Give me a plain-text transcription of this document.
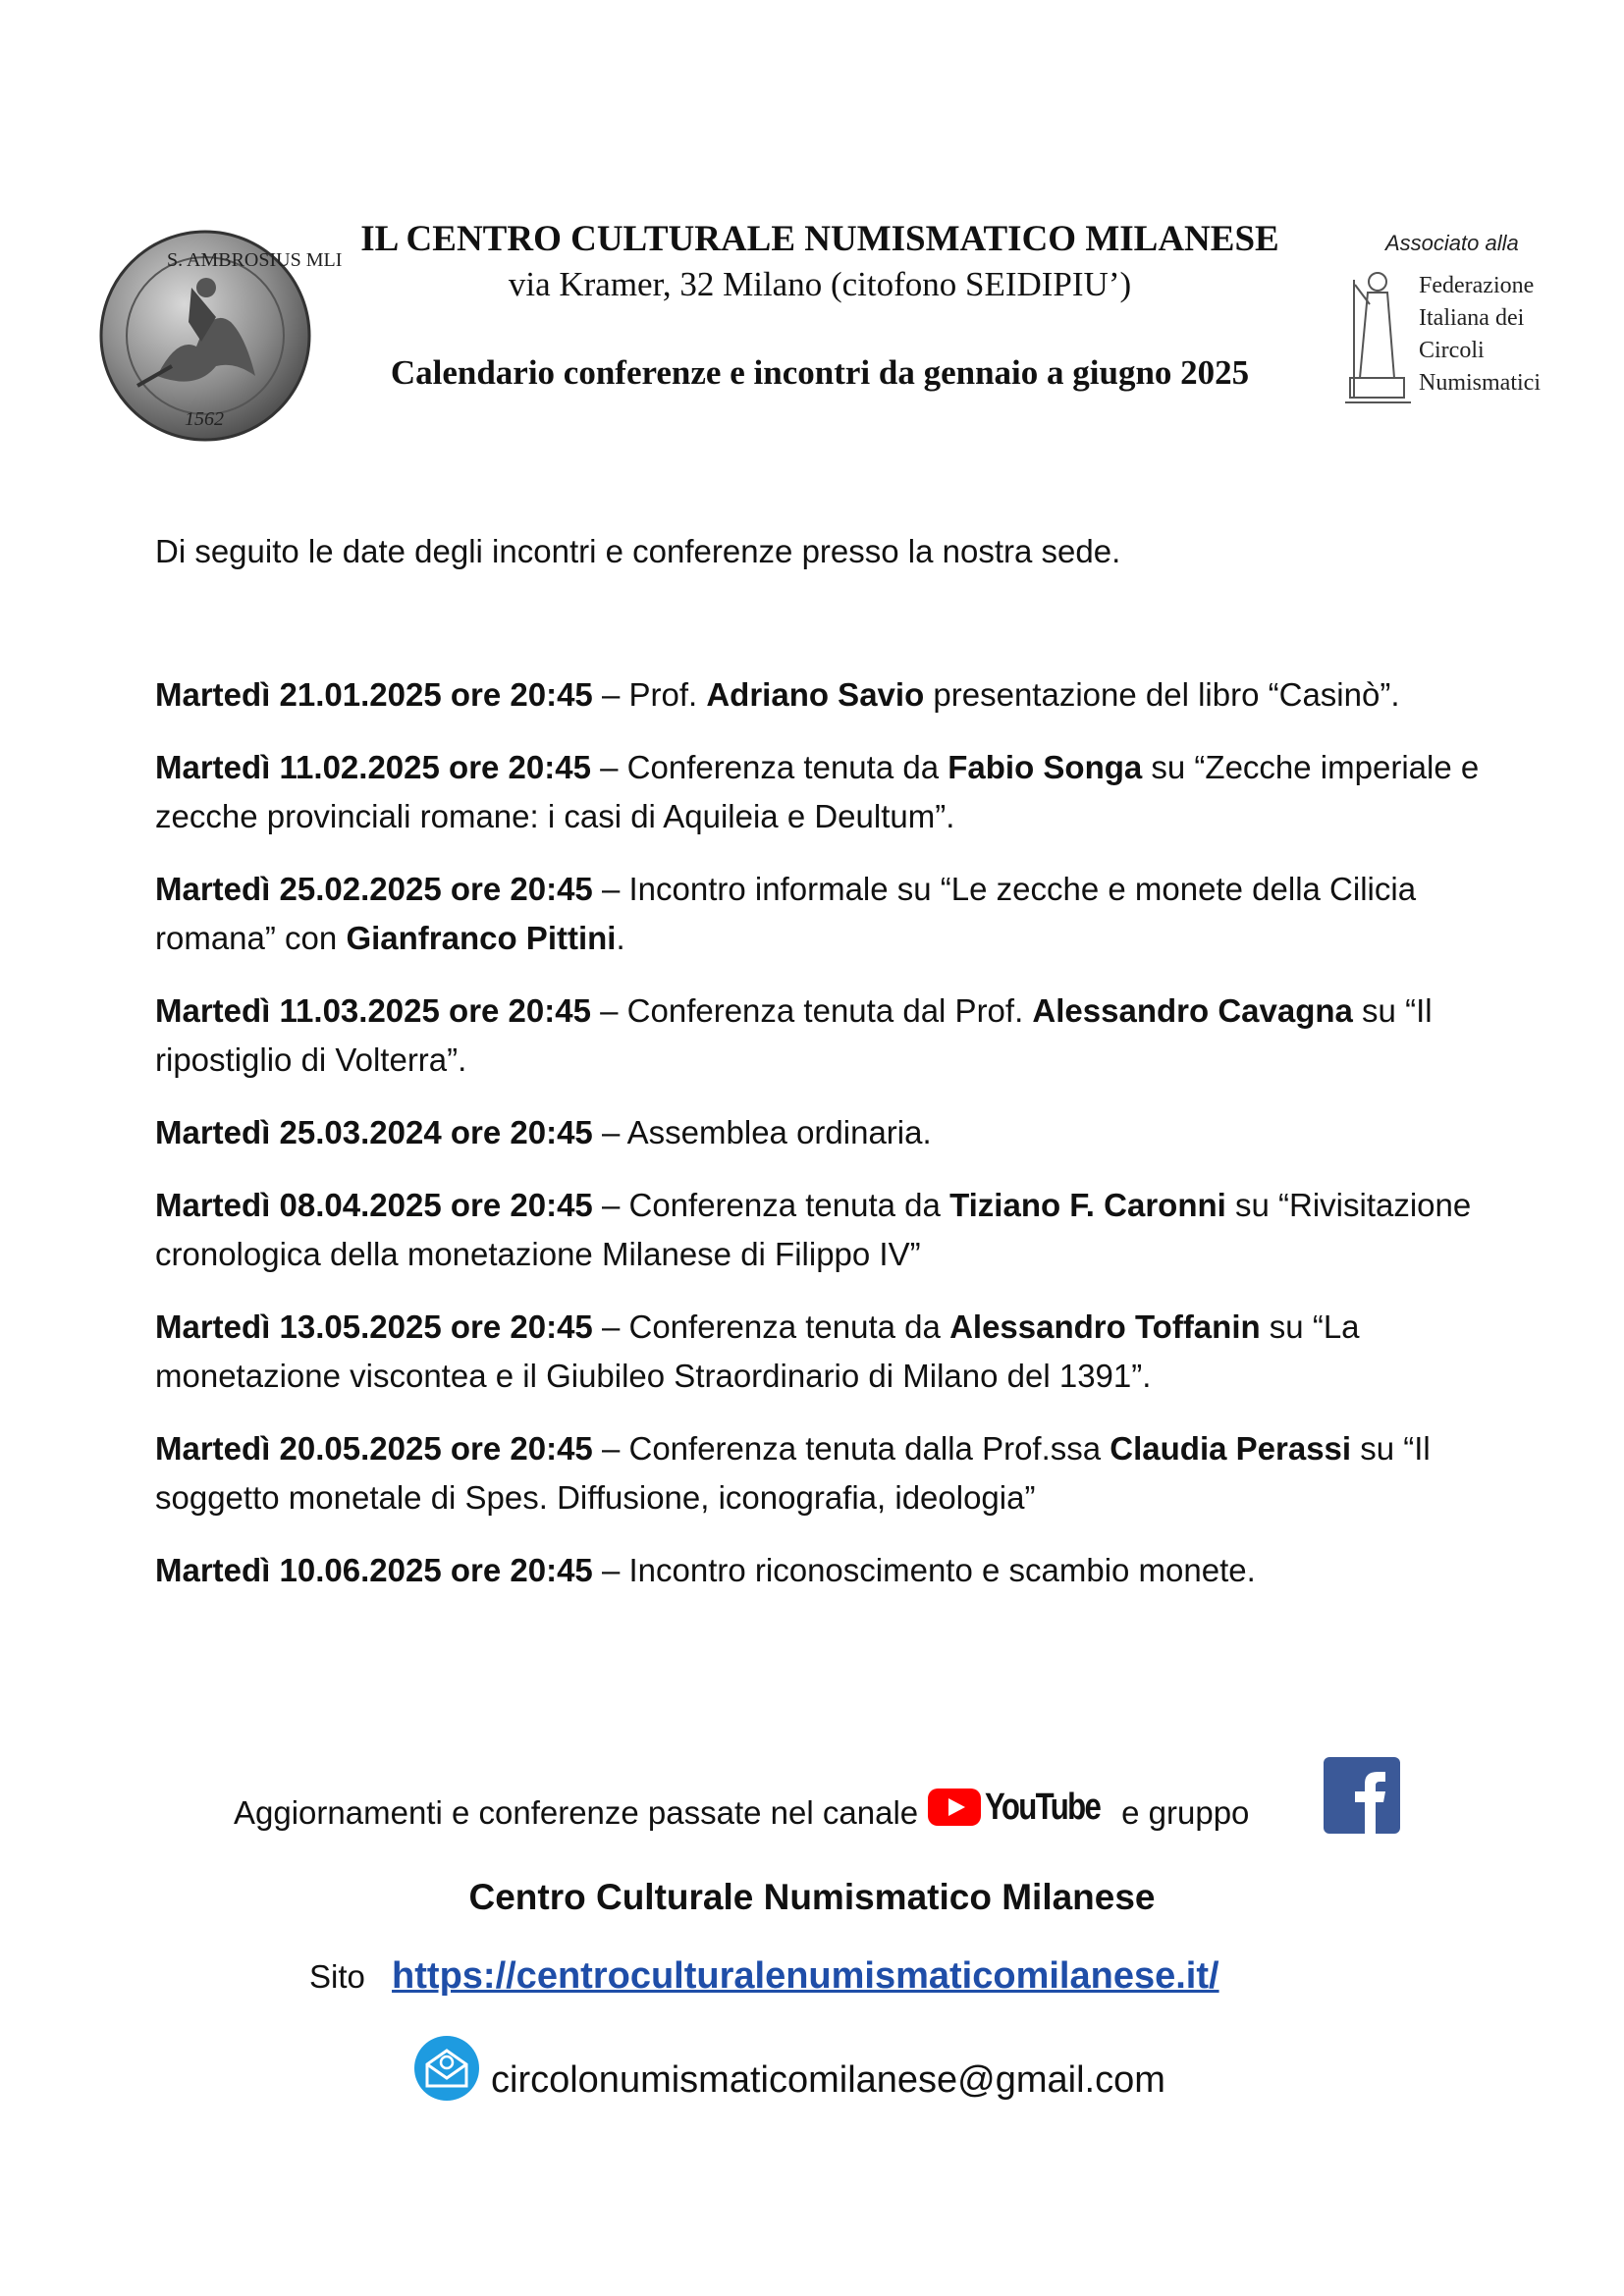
S. AMBROSIUS MLI
1562
IL CENTRO CULTURALE NUMISMATICO MILANESE
via Kramer, 32 Milano (citofono SEIDIPIU’)
Calendario conferenze e incontri da gennaio a giugno 2025
Associato alla
Federazione
Italiana dei
Circoli
Numismatici
Di seguito le date degli incontri e conferenze presso la nostra sede.

Martedì 21.01.2025 ore 20:45 – Prof. Adriano Savio presentazione del libro “Casinò”.

Martedì 11.02.2025 ore 20:45 – Conferenza tenuta da Fabio Songa su “Zecche imperiale e zecche provinciali romane: i casi di Aquileia e Deultum”.

Martedì 25.02.2025 ore 20:45 – Incontro informale su “Le zecche e monete della Cilicia romana” con Gianfranco Pittini.

Martedì 11.03.2025 ore 20:45 – Conferenza tenuta dal Prof. Alessandro Cavagna su “Il ripostiglio di Volterra”.

Martedì 25.03.2024 ore 20:45 – Assemblea ordinaria.

Martedì 08.04.2025 ore 20:45 – Conferenza tenuta da Tiziano F. Caronni su “Rivisitazione cronologica della monetazione Milanese di Filippo IV”

Martedì 13.05.2025 ore 20:45 – Conferenza tenuta da Alessandro Toffanin su “La monetazione viscontea e il Giubileo Straordinario di Milano del 1391”.

Martedì 20.05.2025 ore 20:45 – Conferenza tenuta dalla Prof.ssa Claudia Perassi su “Il soggetto monetale di Spes. Diffusione, iconografia, ideologia”

Martedì 10.06.2025 ore 20:45 – Incontro riconoscimento e scambio monete.

Aggiornamenti e conferenze passate nel canale YouTube e gruppo
Centro Culturale Numismatico Milanese
Sito https://centroculturalenumismaticomilanese.it/
circolonumismaticomilanese@gmail.com
